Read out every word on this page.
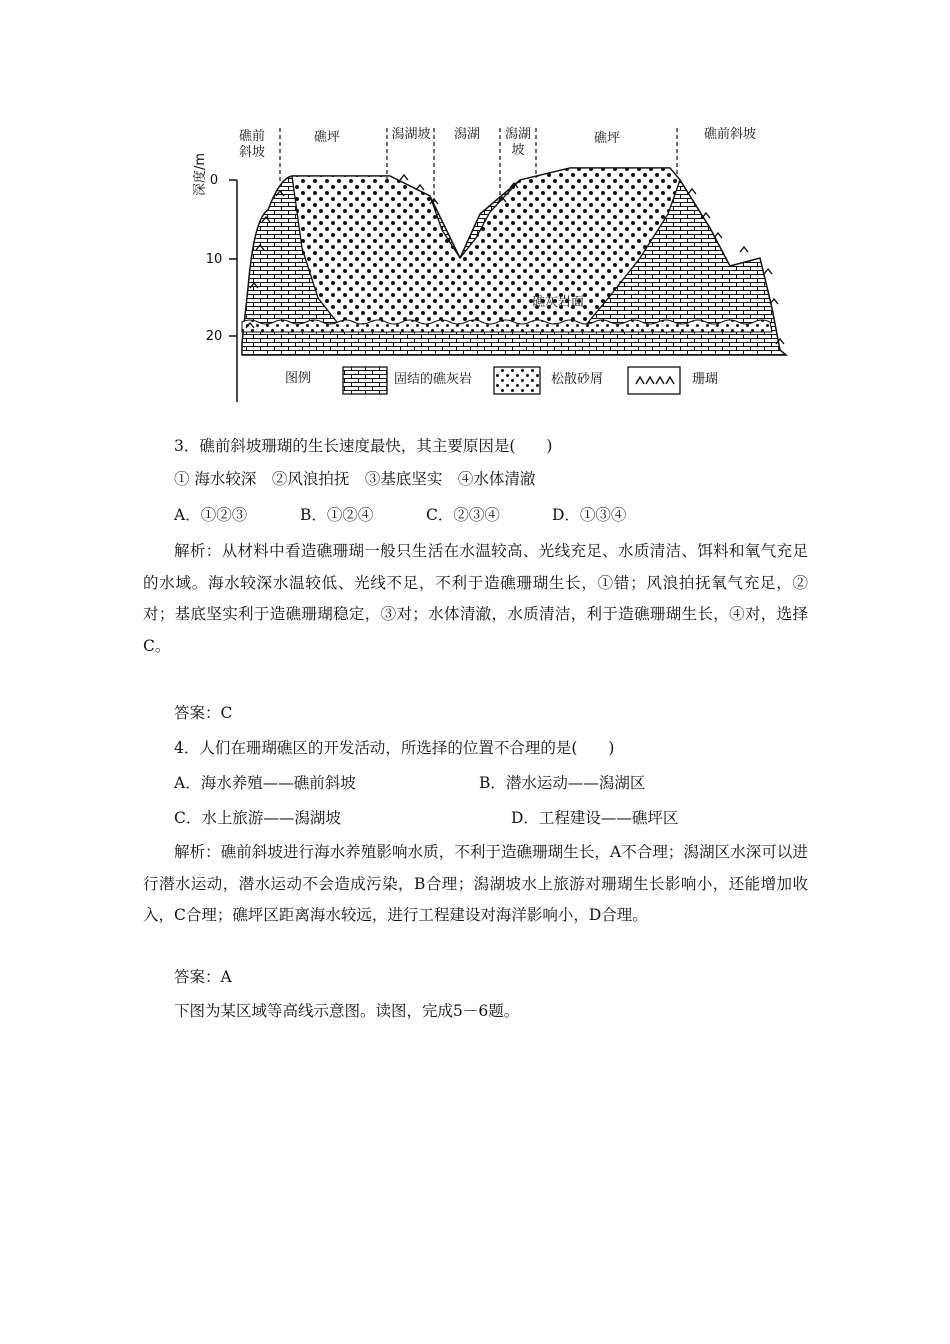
0
10
20
深度/m
礁前
斜坡
礁坪	潟湖坡 潟湖 潟湖
坡
礁坪	礁前斜坡
礁灰岩面
图例	固结的礁灰岩	松散砂屑	珊瑚
3．礁前斜坡珊瑚的生长速度最快，其主要原因是(　　)
① 海水较深　②风浪拍抚　③基底坚实　④水体清澈
A．①②③	B．①②④	C．②③④	D．①③④
解析：从材料中看造礁珊瑚一般只生活在水温较高、光线充足、水质清洁、饵料和氧气充足的水域。海水较深水温较低、光线不足，不利于造礁珊瑚生长，①错；风浪拍抚氧气充足，②对；基底坚实利于造礁珊瑚稳定，③对；水体清澈，水质清洁，利于造礁珊瑚生长，④对，选择C。
答案：C
4．人们在珊瑚礁区的开发活动，所选择的位置不合理的是(　　)
A．海水养殖——礁前斜坡	B．潜水运动——潟湖区
C．水上旅游——潟湖坡	D．工程建设——礁坪区
解析：礁前斜坡进行海水养殖影响水质，不利于造礁珊瑚生长，A不合理；潟湖区水深可以进行潜水运动，潜水运动不会造成污染，B合理；潟湖坡水上旅游对珊瑚生长影响小，还能增加收入，C合理；礁坪区距离海水较远，进行工程建设对海洋影响小，D合理。
答案：A
下图为某区域等高线示意图。读图，完成5－6题。
